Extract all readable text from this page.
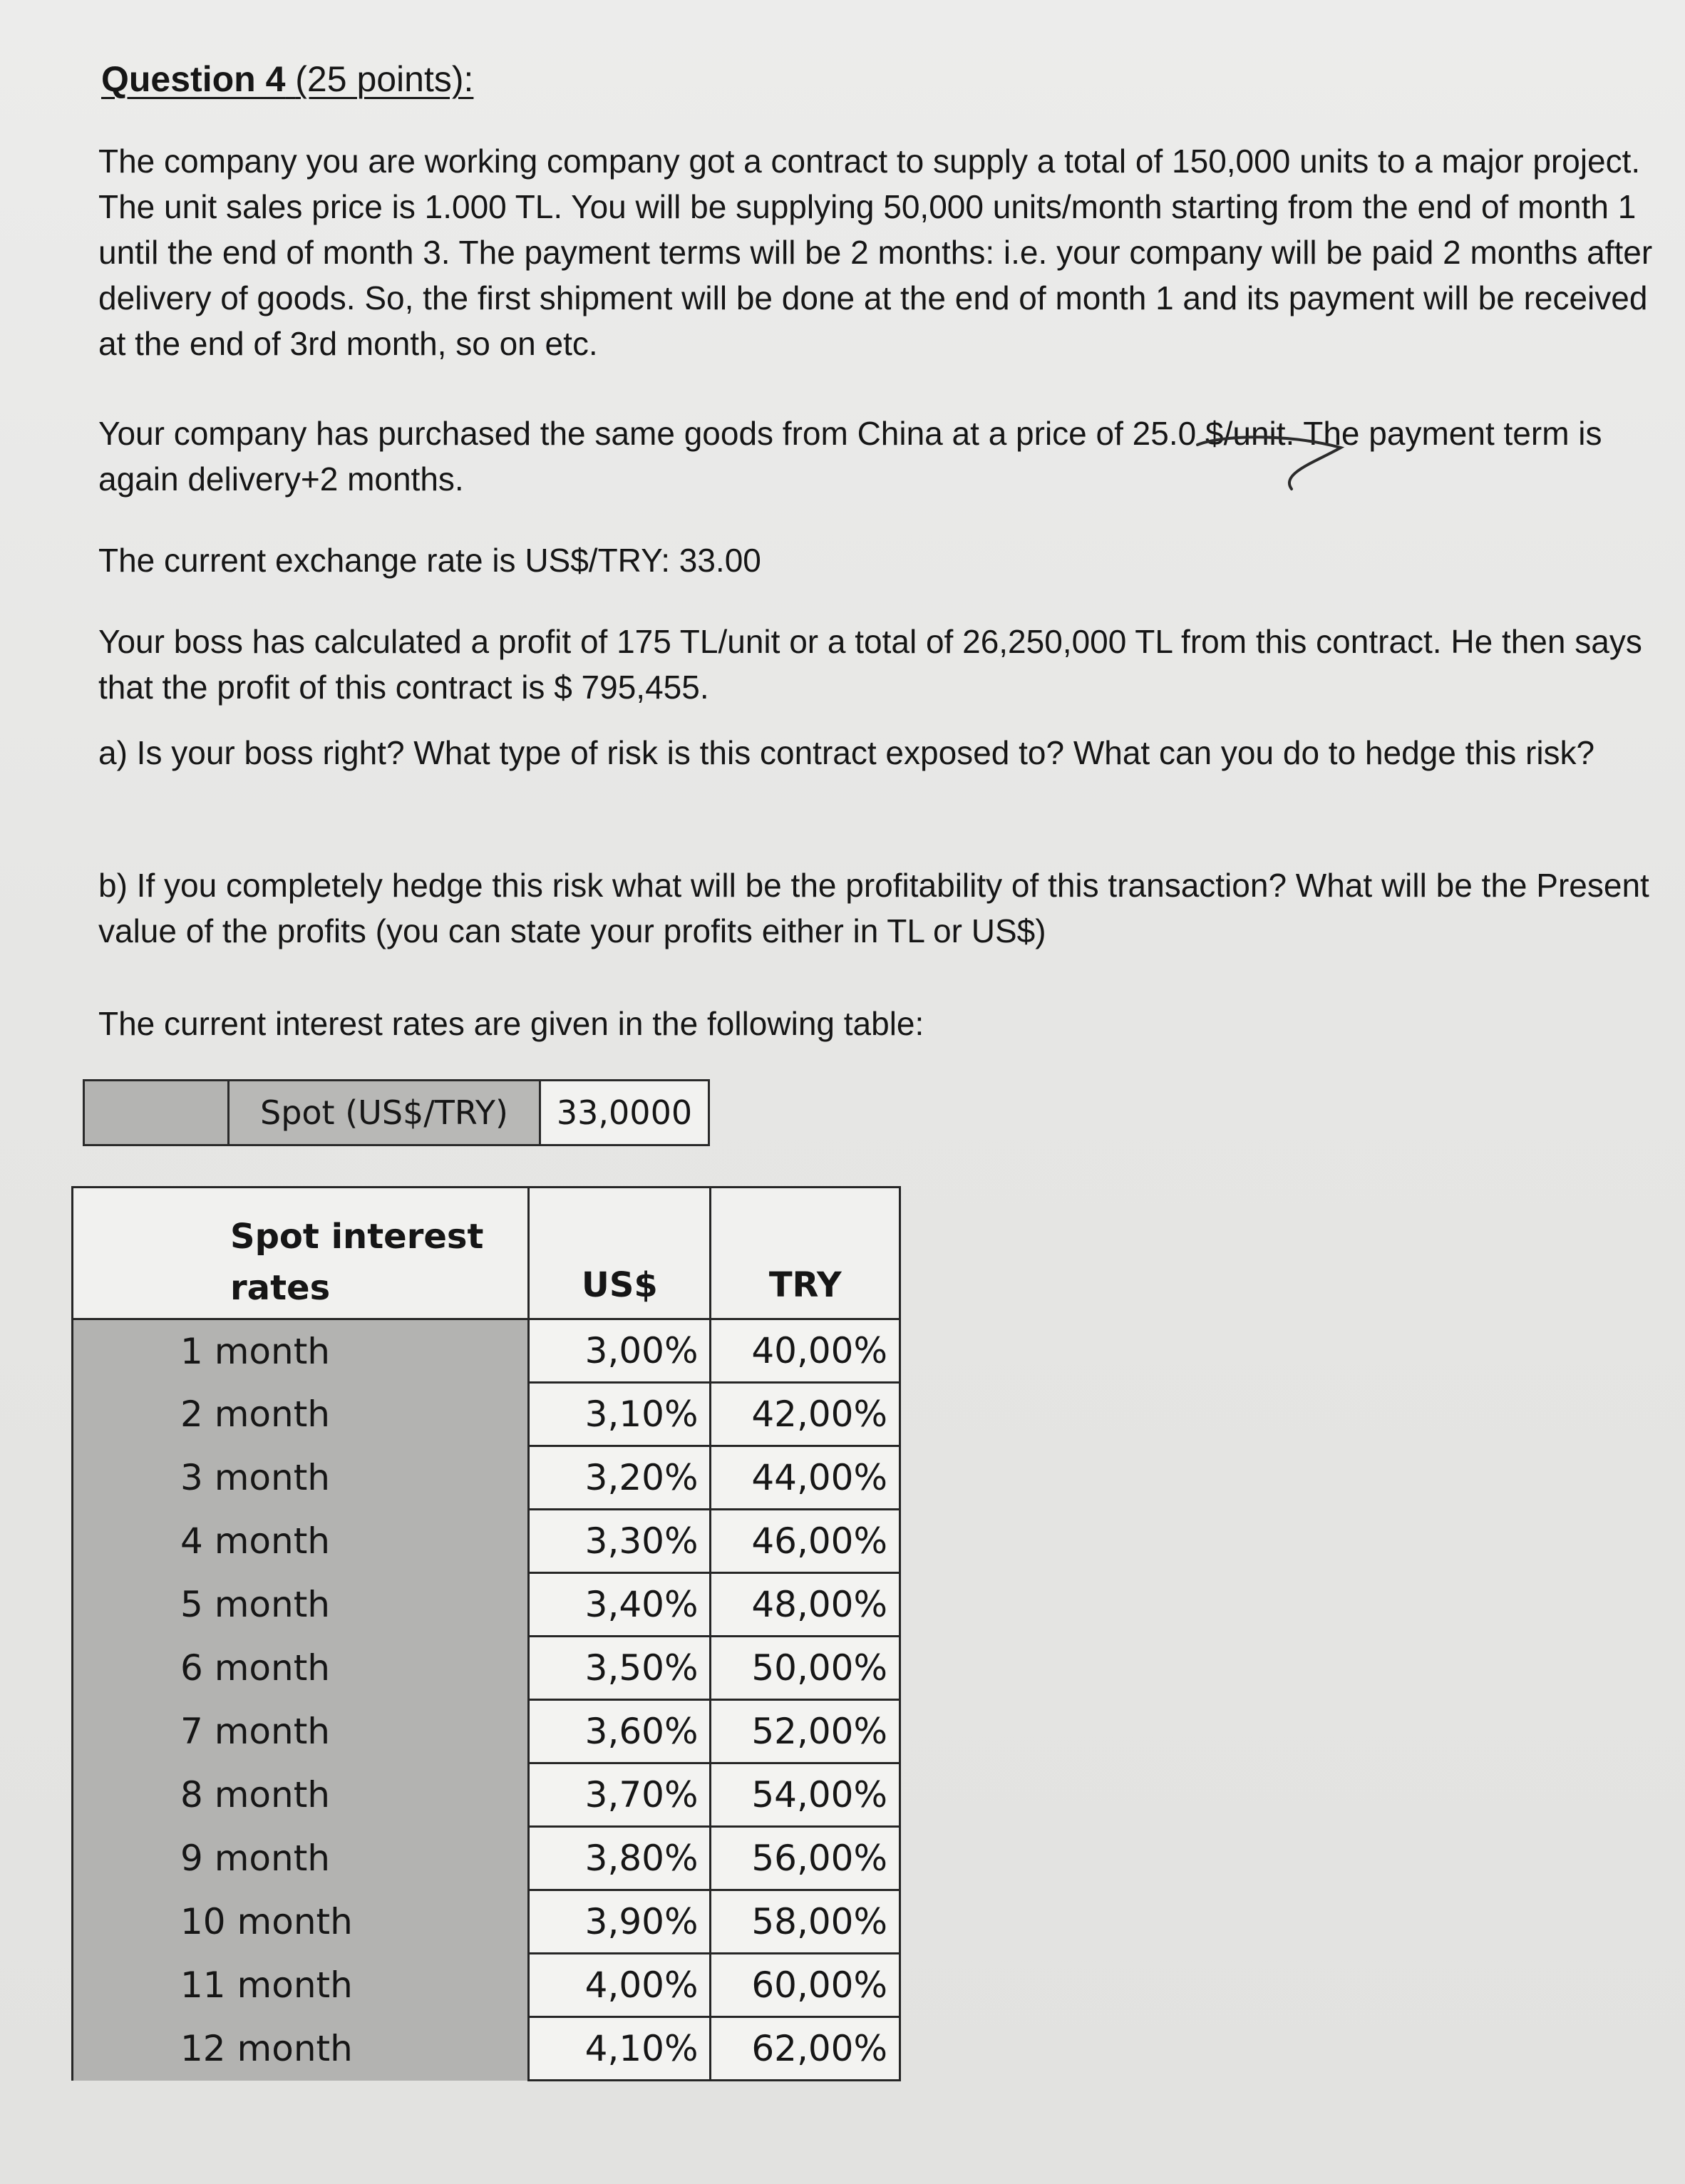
Question 4 (25 points):

The company you are working company got a contract to supply a total of 150,000 units to a major project. The unit sales price is 1.000 TL. You will be supplying 50,000 units/month starting from the end of month 1 until the end of month 3. The payment terms will be 2 months: i.e. your company will be paid 2 months after delivery of goods. So, the first shipment will be done at the end of month 1 and its payment will be received at the end of 3rd month, so on etc.

Your company has purchased the same goods from China at a price of 25.0 $/unit. The payment term is again delivery+2 months.

The current exchange rate is US$/TRY: 33.00

Your boss has calculated a profit of 175 TL/unit or a total of 26,250,000 TL from this contract. He then says that the profit of this contract is $ 795,455.

a) Is your boss right? What type of risk is this contract exposed to? What can you do to hedge this risk?

b) If you completely hedge this risk what will be the profitability of this transaction? What will be the Present value of the profits (you can state your profits either in TL or US$)

The current interest rates are given in the following table:

Spot (US$/TRY)	33,0000
Spot interest
rates	US$	TRY
1 month	3,00%	40,00%
2 month	3,10%	42,00%
3 month	3,20%	44,00%
4 month	3,30%	46,00%
5 month	3,40%	48,00%
6 month	3,50%	50,00%
7 month	3,60%	52,00%
8 month	3,70%	54,00%
9 month	3,80%	56,00%
10 month	3,90%	58,00%
11 month	4,00%	60,00%
12 month	4,10%	62,00%
